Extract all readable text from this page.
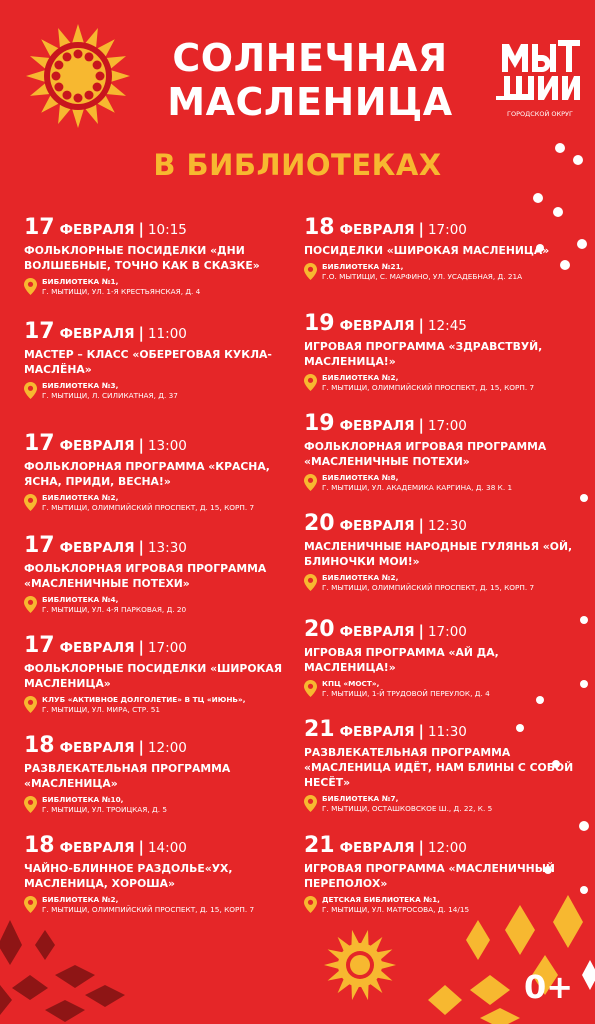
СОЛНЕЧНАЯ
МАСЛЕНИЦА
В БИБЛИОТЕКАХ
ГОРОДСКОЙ ОКРУГ
17 ФЕВРАЛЯ | 10:15
ФОЛЬКЛОРНЫЕ ПОСИДЕЛКИ «ДНИ ВОЛШЕБНЫЕ, ТОЧНО КАК В СКАЗКЕ»
БИБЛИОТЕКА №1,
Г. МЫТИЩИ, УЛ. 1-Я КРЕСТЬЯНСКАЯ, Д. 4
17 ФЕВРАЛЯ | 11:00
МАСТЕР – КЛАСС «ОБЕРЕГОВАЯ КУКЛА-МАСЛЁНА»
БИБЛИОТЕКА №3,
Г. МЫТИЩИ, Л. СИЛИКАТНАЯ, Д. 37
17 ФЕВРАЛЯ | 13:00
ФОЛЬКЛОРНАЯ ПРОГРАММА «КРАСНА, ЯСНА, ПРИДИ, ВЕСНА!»
БИБЛИОТЕКА №2,
Г. МЫТИЩИ, ОЛИМПИЙСКИЙ ПРОСПЕКТ, Д. 15, КОРП. 7
17 ФЕВРАЛЯ | 13:30
ФОЛЬКЛОРНАЯ ИГРОВАЯ ПРОГРАММА «МАСЛЕНИЧНЫЕ ПОТЕХИ»
БИБЛИОТЕКА №4,
Г. МЫТИЩИ, УЛ. 4-Я ПАРКОВАЯ, Д. 20
17 ФЕВРАЛЯ | 17:00
ФОЛЬКЛОРНЫЕ ПОСИДЕЛКИ «ШИРОКАЯ МАСЛЕНИЦА»
КЛУБ «АКТИВНОЕ ДОЛГОЛЕТИЕ» В ТЦ «ИЮНЬ»,
Г. МЫТИЩИ, УЛ. МИРА, СТР. 51
18 ФЕВРАЛЯ | 12:00
РАЗВЛЕКАТЕЛЬНАЯ ПРОГРАММА «МАСЛЕНИЦА»
БИБЛИОТЕКА №10,
Г. МЫТИЩИ, УЛ. ТРОИЦКАЯ, Д. 5
18 ФЕВРАЛЯ | 14:00
ЧАЙНО-БЛИННОЕ РАЗДОЛЬЕ«УХ, МАСЛЕНИЦА, ХОРОША»
БИБЛИОТЕКА №2,
Г. МЫТИЩИ, ОЛИМПИЙСКИЙ ПРОСПЕКТ, Д. 15, КОРП. 7
18 ФЕВРАЛЯ | 17:00
ПОСИДЕЛКИ «ШИРОКАЯ МАСЛЕНИЦА»
БИБЛИОТЕКА №21,
Г.О. МЫТИЩИ, С. МАРФИНО, УЛ. УСАДЕБНАЯ, Д. 21А
19 ФЕВРАЛЯ | 12:45
ИГРОВАЯ ПРОГРАММА «ЗДРАВСТВУЙ, МАСЛЕНИЦА!»
БИБЛИОТЕКА №2,
Г. МЫТИЩИ, ОЛИМПИЙСКИЙ ПРОСПЕКТ, Д. 15, КОРП. 7
19 ФЕВРАЛЯ | 17:00
ФОЛЬКЛОРНАЯ ИГРОВАЯ ПРОГРАММА «МАСЛЕНИЧНЫЕ ПОТЕХИ»
БИБЛИОТЕКА №8,
Г. МЫТИЩИ, УЛ. АКАДЕМИКА КАРГИНА, Д. 38 К. 1
20 ФЕВРАЛЯ | 12:30
МАСЛЕНИЧНЫЕ НАРОДНЫЕ ГУЛЯНЬЯ «ОЙ, БЛИНОЧКИ МОИ!»
БИБЛИОТЕКА №2,
Г. МЫТИЩИ, ОЛИМПИЙСКИЙ ПРОСПЕКТ, Д. 15, КОРП. 7
20 ФЕВРАЛЯ | 17:00
ИГРОВАЯ ПРОГРАММА «АЙ ДА, МАСЛЕНИЦА!»
КПЦ «МОСТ»,
Г. МЫТИЩИ, 1-Й ТРУДОВОЙ ПЕРЕУЛОК, Д. 4
21 ФЕВРАЛЯ | 11:30
РАЗВЛЕКАТЕЛЬНАЯ ПРОГРАММА «МАСЛЕНИЦА ИДЁТ, НАМ БЛИНЫ С СОБОЙ НЕСЁТ»
БИБЛИОТЕКА №7,
Г. МЫТИЩИ, ОСТАШКОВСКОЕ Ш., Д. 22, К. 5
21 ФЕВРАЛЯ | 12:00
ИГРОВАЯ ПРОГРАММА «МАСЛЕНИЧНЫЙ ПЕРЕПОЛОХ»
ДЕТСКАЯ БИБЛИОТЕКА №1,
Г. МЫТИЩИ, УЛ. МАТРОСОВА, Д. 14/15
0+
